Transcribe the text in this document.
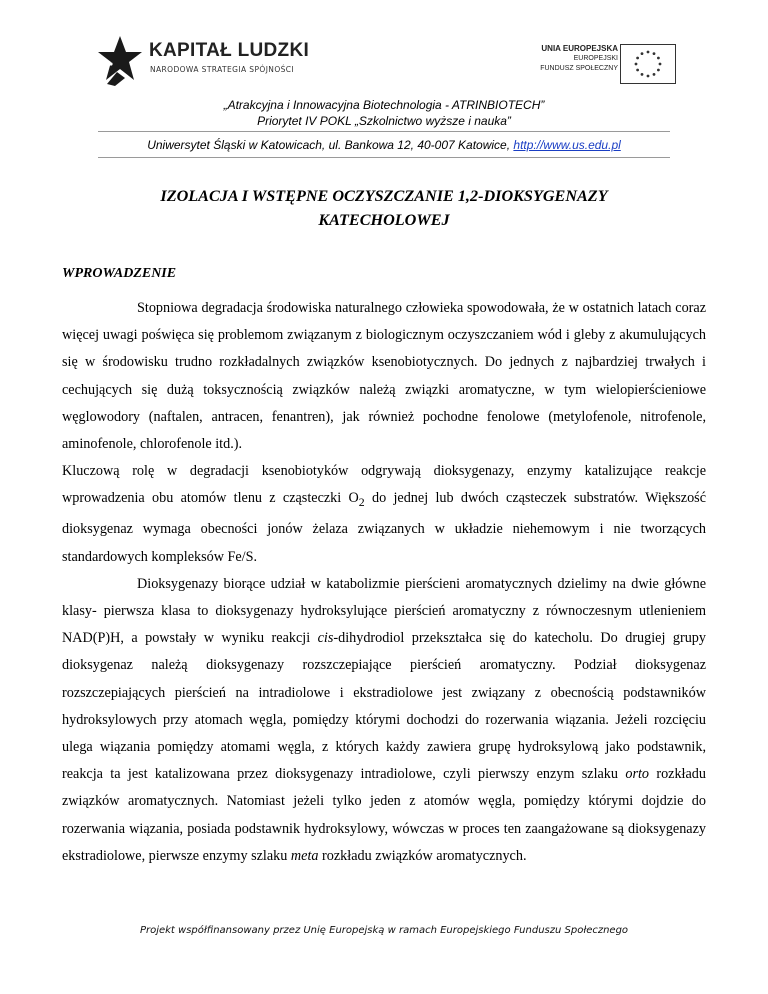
KAPITAŁ LUDZKI
NARODOWA STRATEGIA SPÓJNOŚCI
UNIA EUROPEJSKA
EUROPEJSKI
FUNDUSZ SPOŁECZNY
„Atrakcyjna i Innowacyjna Biotechnologia - ATRINBIOTECH”
Priorytet IV POKL „Szkolnictwo wyższe i nauka”
Uniwersytet Śląski w Katowicach, ul. Bankowa 12, 40-007 Katowice, http://www.us.edu.pl
IZOLACJA I WSTĘPNE OCZYSZCZANIE 1,2-DIOKSYGENAZY KATECHOLOWEJ
WPROWADZENIE

Stopniowa degradacja środowiska naturalnego człowieka spowodowała, że w ostatnich latach coraz więcej uwagi poświęca się problemom związanym z biologicznym oczyszczaniem wód i gleby z akumulujących się w środowisku trudno rozkładalnych związków ksenobiotycznych. Do jednych z najbardziej trwałych i cechujących się dużą toksycznością związków należą związki aromatyczne, w tym wielopierścieniowe węglowodory (naftalen, antracen, fenantren), jak również pochodne fenolowe (metylofenole, nitrofenole, aminofenole, chlorofenole itd.).

Kluczową rolę w degradacji ksenobiotyków odgrywają dioksygenazy, enzymy katalizujące reakcje wprowadzenia obu atomów tlenu z cząsteczki $O_2$ do jednej lub dwóch cząsteczek substratów. Większość dioksygenaz wymaga obecności jonów żelaza związanych w układzie niehemowym i nie tworzących standardowych kompleksów Fe/S.

Dioksygenazy biorące udział w katabolizmie pierścieni aromatycznych dzielimy na dwie główne klasy- pierwsza klasa to dioksygenazy hydroksylujące pierścień aromatyczny z równoczesnym utlenieniem NAD(P)H, a powstały w wyniku reakcji cis-dihydrodiol przekształca się do katecholu. Do drugiej grupy dioksygenaz należą dioksygenazy rozszczepiające pierścień aromatyczny. Podział dioksygenaz rozszczepiających pierścień na intradiolowe i ekstradiolowe jest związany z obecnością podstawników hydroksylowych przy atomach węgla, pomiędzy którymi dochodzi do rozerwania wiązania. Jeżeli rozcięciu ulega wiązania pomiędzy atomami węgla, z których każdy zawiera grupę hydroksylową jako podstawnik, reakcja ta jest katalizowana przez dioksygenazy intradiolowe, czyli pierwszy enzym szlaku orto rozkładu związków aromatycznych. Natomiast jeżeli tylko jeden z atomów węgla, pomiędzy którymi dojdzie do rozerwania wiązania, posiada podstawnik hydroksylowy, wówczas w proces ten zaangażowane są dioksygenazy ekstradiolowe, pierwsze enzymy szlaku meta rozkładu związków aromatycznych.

Projekt współfinansowany przez Unię Europejską w ramach Europejskiego Funduszu Społecznego
